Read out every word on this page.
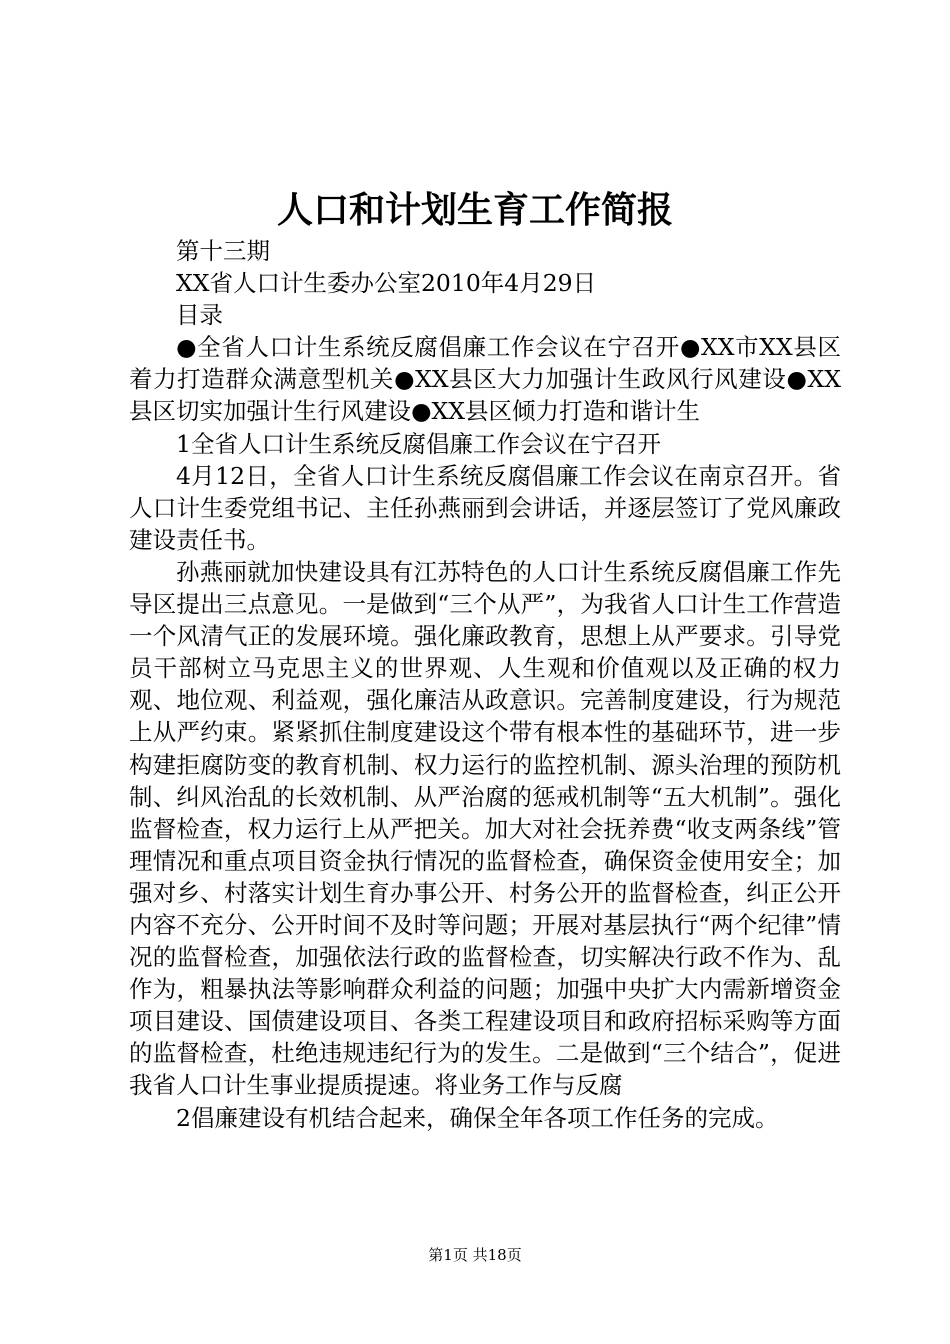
人口和计划生育工作简报

第十三期

XX省人口计生委办公室2010年4月29日

目录

●全省人口计生系统反腐倡廉工作会议在宁召开●XX市XX县区着力打造群众满意型机关●XX县区大力加强计生政风行风建设●XX县区切实加强计生行风建设●XX县区倾力打造和谐计生

1全省人口计生系统反腐倡廉工作会议在宁召开

4月12日，全省人口计生系统反腐倡廉工作会议在南京召开。省人口计生委党组书记、主任孙燕丽到会讲话，并逐层签订了党风廉政建设责任书。

孙燕丽就加快建设具有江苏特色的人口计生系统反腐倡廉工作先导区提出三点意见。一是做到“三个从严”，为我省人口计生工作营造一个风清气正的发展环境。强化廉政教育，思想上从严要求。引导党员干部树立马克思主义的世界观、人生观和价值观以及正确的权力观、地位观、利益观，强化廉洁从政意识。完善制度建设，行为规范上从严约束。紧紧抓住制度建设这个带有根本性的基础环节，进一步构建拒腐防变的教育机制、权力运行的监控机制、源头治理的预防机制、纠风治乱的长效机制、从严治腐的惩戒机制等“五大机制”。强化监督检查，权力运行上从严把关。加大对社会抚养费“收支两条线”管理情况和重点项目资金执行情况的监督检查，确保资金使用安全；加强对乡、村落实计划生育办事公开、村务公开的监督检查，纠正公开内容不充分、公开时间不及时等问题；开展对基层执行“两个纪律”情况的监督检查，加强依法行政的监督检查，切实解决行政不作为、乱作为，粗暴执法等影响群众利益的问题；加强中央扩大内需新增资金项目建设、国债建设项目、各类工程建设项目和政府招标采购等方面的监督检查，杜绝违规违纪行为的发生。二是做到“三个结合”，促进我省人口计生事业提质提速。将业务工作与反腐

2倡廉建设有机结合起来，确保全年各项工作任务的完成。

第1页 共18页
